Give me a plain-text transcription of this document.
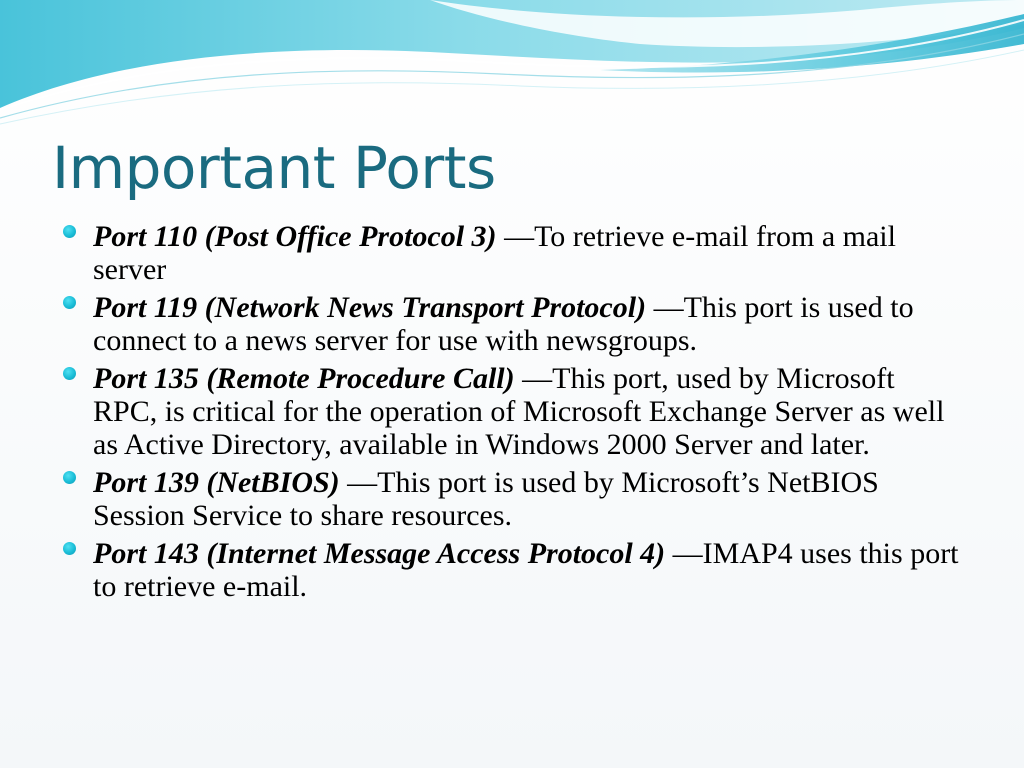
Important Ports
Port 110 (Post Office Protocol 3) —To retrieve e-mail from a mail server
Port 119 (Network News Transport Protocol) —This port is used to connect to a news server for use with newsgroups.
Port 135 (Remote Procedure Call) —This port, used by Microsoft RPC, is critical for the operation of Microsoft Exchange Server as well as Active Directory, available in Windows 2000 Server and later.
Port 139 (NetBIOS) —This port is used by Microsoft’s NetBIOS Session Service to share resources.
Port 143 (Internet Message Access Protocol 4) —IMAP4 uses this port to retrieve e-mail.
